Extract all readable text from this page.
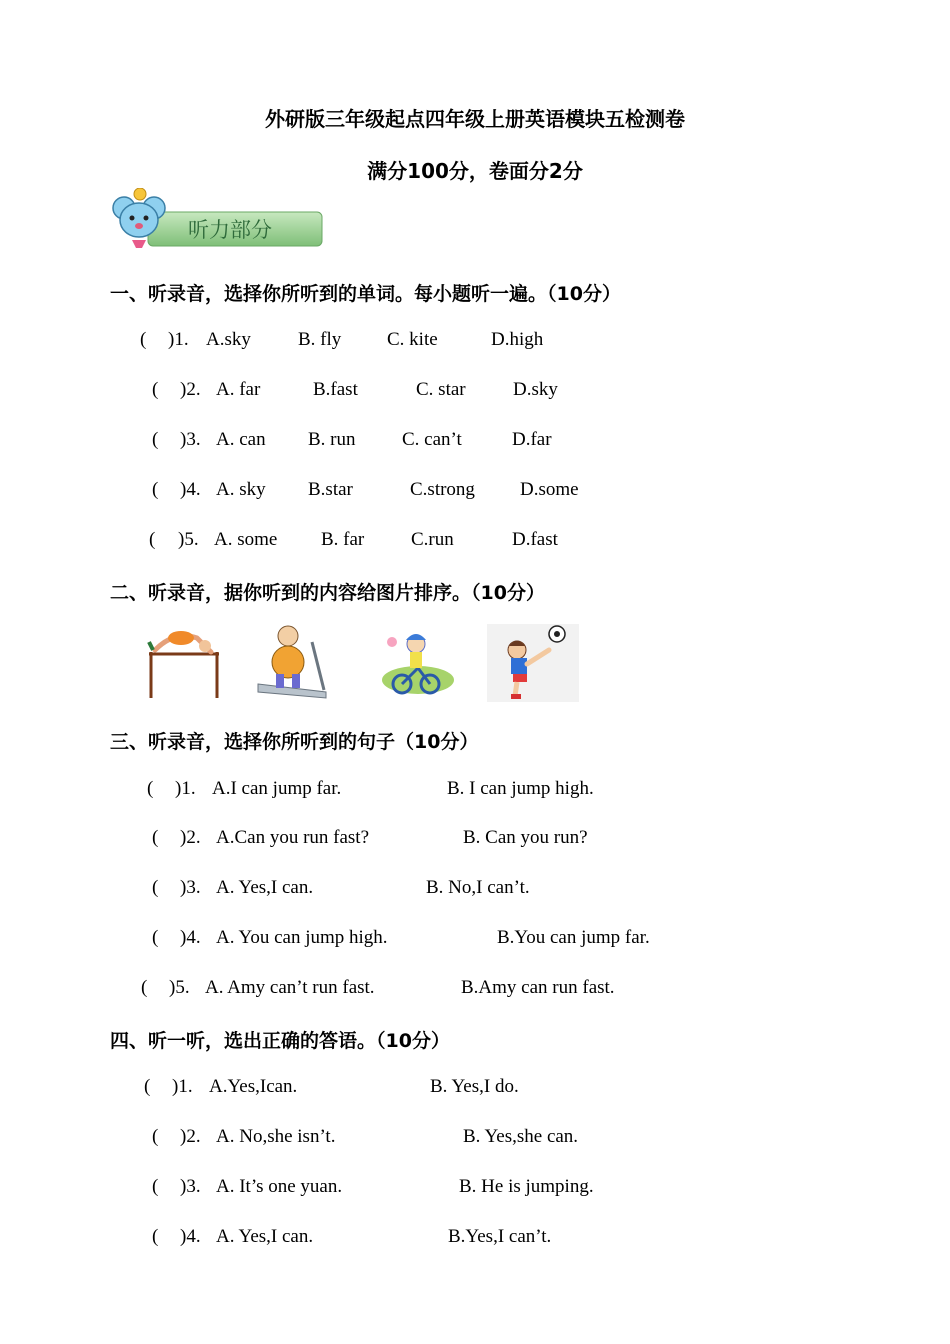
外研版三年级起点四年级上册英语模块五检测卷
满分100分，卷面分2分
听力部分
一、听录音，选择你所听到的单词。每小题听一遍。（10分）
( )1. A.sky B. fly C. kite	D.high
( )2. A. far	B.fast	C. star D.sky
( )3. A. can B. run C. can’t	D.far
( )4. A. sky B.star	C.strong D.some
( )5. A. some B. far C.run	D.fast
二、听录音，据你听到的内容给图片排序。（10分）
三、听录音，选择你所听到的句子（10分）
( )1. A.I can jump far.	B. I can jump high.
( )2. A.Can you run fast?	B. Can you run?
( )3. A. Yes,I can.	B. No,I can’t.
( )4. A. You can jump high.	B.You can jump far.
( )5. A. Amy can’t run fast.	B.Amy can run fast.
四、听一听，选出正确的答语。（10分）
( )1. A.Yes,Ican.	B. Yes,I do.
( )2. A. No,she isn’t.	B. Yes,she can.
( )3. A. It’s one yuan.	B. He is jumping.
( )4. A. Yes,I can.	B.Yes,I can’t.
